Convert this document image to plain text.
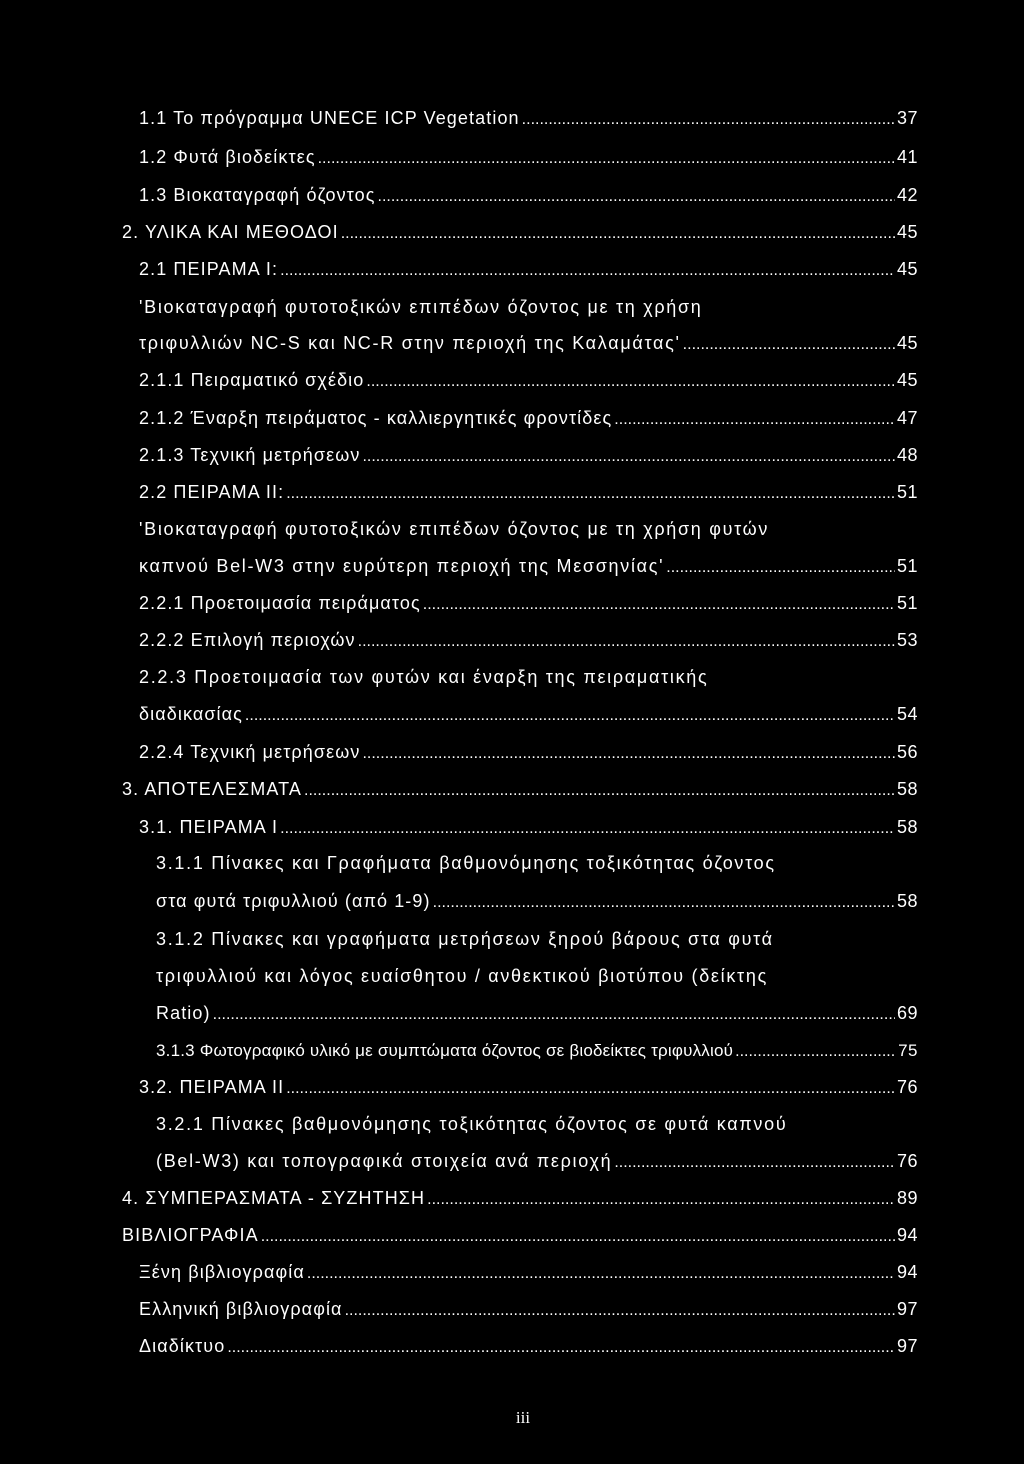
1.1 Το πρόγραμμα UNECE ICP Vegetation .....	37
1.2 Φυτά βιοδείκτες .....	41
1.3 Βιοκαταγραφή όζοντος .....	42
2. ΥΛΙΚΑ ΚΑΙ ΜΕΘΟΔΟΙ .....	45
2.1 ΠΕΙΡΑΜΑ Ι: .....	45
'Βιοκαταγραφή φυτοτοξικών επιπέδων όζοντος με τη χρήση
τριφυλλιών NC-S και NC-R στην περιοχή της Καλαμάτας' .....	45
2.1.1 Πειραματικό σχέδιο .....	45
2.1.2 Έναρξη πειράματος - καλλιεργητικές φροντίδες .....	47
2.1.3 Τεχνική μετρήσεων .....	48
2.2 ΠΕΙΡΑΜΑ ΙΙ: .....	51
'Βιοκαταγραφή φυτοτοξικών επιπέδων όζοντος με τη χρήση φυτών
καπνού Bel-W3 στην ευρύτερη περιοχή της Μεσσηνίας' .....	51
2.2.1 Προετοιμασία πειράματος .....	51
2.2.2 Επιλογή περιοχών .....	53
2.2.3 Προετοιμασία των φυτών και έναρξη της πειραματικής
διαδικασίας .....	54
2.2.4 Τεχνική μετρήσεων .....	56
3. ΑΠΟΤΕΛΕΣΜΑΤΑ .....	58
3.1. ΠΕΙΡΑΜΑ Ι .....	58
3.1.1 Πίνακες και Γραφήματα βαθμονόμησης τοξικότητας όζοντος
στα φυτά τριφυλλιού (από 1-9) .....	58
3.1.2 Πίνακες και γραφήματα μετρήσεων ξηρού βάρους στα φυτά
τριφυλλιού και λόγος ευαίσθητου / ανθεκτικού βιοτύπου (δείκτης
Ratio) .....	69
3.1.3 Φωτογραφικό υλικό με συμπτώματα όζοντος σε βιοδείκτες τριφυλλιού .....	75
3.2. ΠΕΙΡΑΜΑ ΙΙ .....	76
3.2.1 Πίνακες βαθμονόμησης τοξικότητας όζοντος σε φυτά καπνού
(Bel-W3) και τοπογραφικά στοιχεία ανά περιοχή .....	76
4. ΣΥΜΠΕΡΑΣΜΑΤΑ - ΣΥΖΗΤΗΣΗ .....	89
ΒΙΒΛΙΟΓΡΑΦΙΑ .....	94
Ξένη βιβλιογραφία .....	94
Ελληνική βιβλιογραφία .....	97
Διαδίκτυο .....	97
iii
